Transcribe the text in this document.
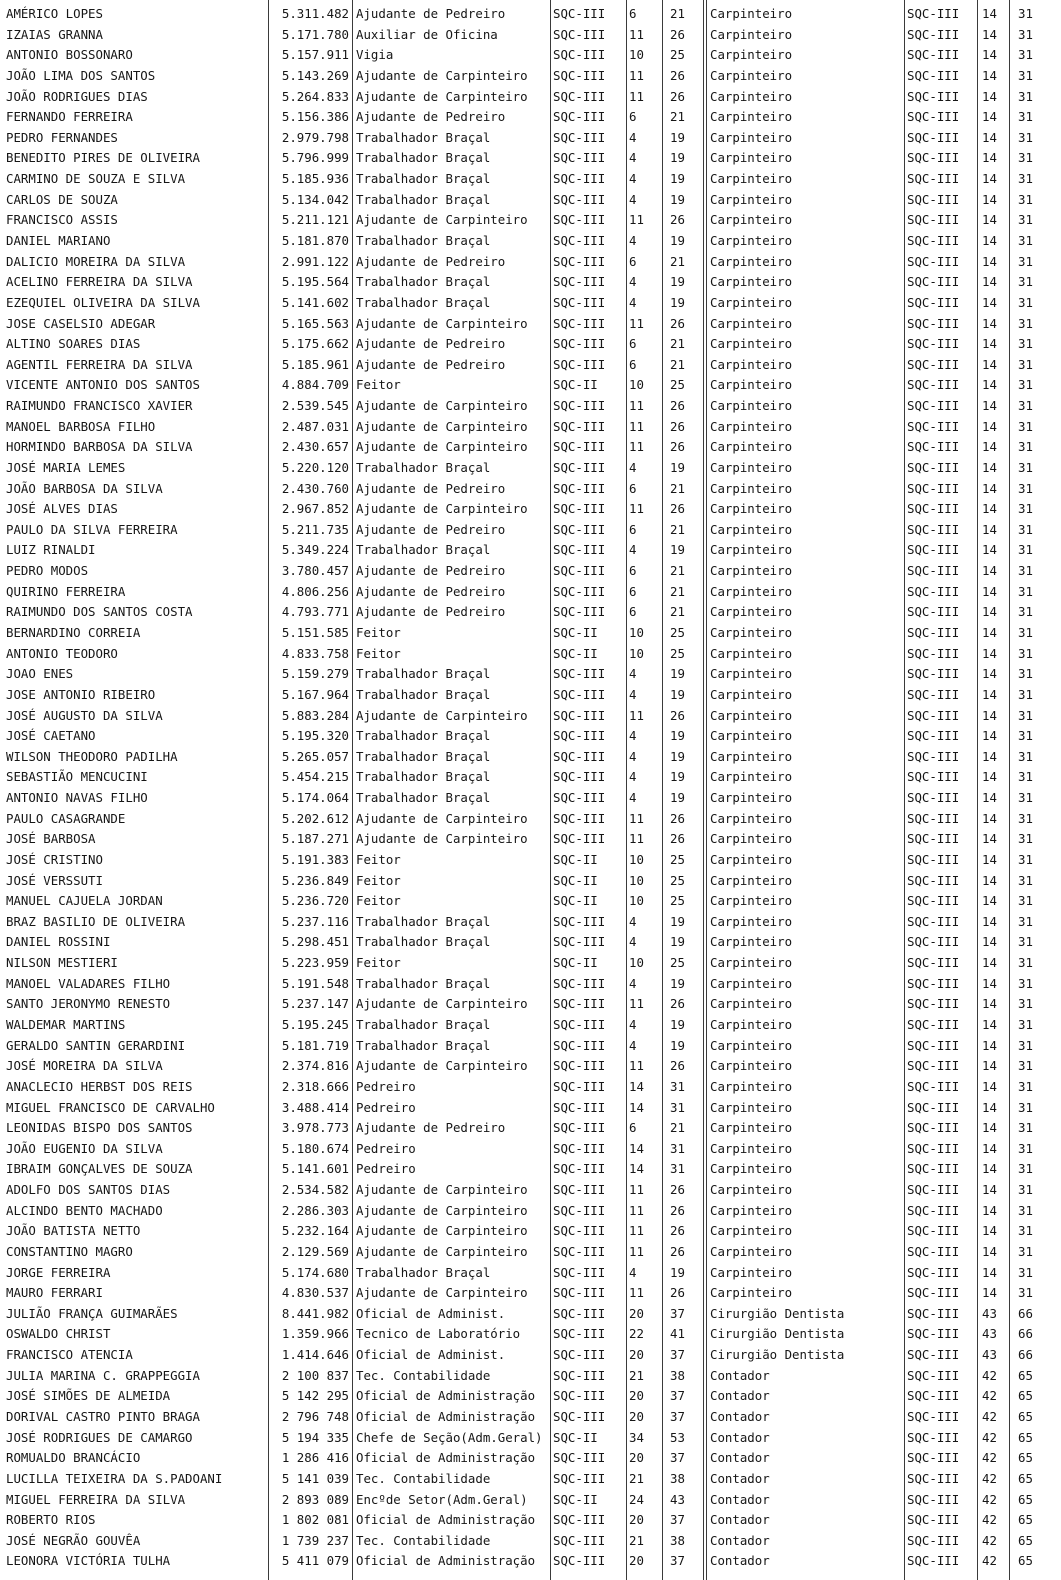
AMÉRICO LOPES	5.311.482 Ajudante de Pedreiro	SQC-III	6	21	Carpinteiro	SQC-III	14	31
IZAIAS GRANNA	5.171.780 Auxiliar de Oficina	SQC-III	11	26	Carpinteiro	SQC-III	14	31
ANTONIO BOSSONARO	5.157.911 Vigia	SQC-III	10	25	Carpinteiro	SQC-III	14	31
JOÃO LIMA DOS SANTOS	5.143.269 Ajudante de Carpinteiro	SQC-III	11	26	Carpinteiro	SQC-III	14	31
JOÃO RODRIGUES DIAS	5.264.833 Ajudante de Carpinteiro	SQC-III	11	26	Carpinteiro	SQC-III	14	31
FERNANDO FERREIRA	5.156.386 Ajudante de Pedreiro	SQC-III	6	21	Carpinteiro	SQC-III	14	31
PEDRO FERNANDES	2.979.798 Trabalhador Braçal	SQC-III	4	19	Carpinteiro	SQC-III	14	31
BENEDITO PIRES DE OLIVEIRA	5.796.999 Trabalhador Braçal	SQC-III	4	19	Carpinteiro	SQC-III	14	31
CARMINO DE SOUZA E SILVA	5.185.936 Trabalhador Braçal	SQC-III	4	19	Carpinteiro	SQC-III	14	31
CARLOS DE SOUZA	5.134.042 Trabalhador Braçal	SQC-III	4	19	Carpinteiro	SQC-III	14	31
FRANCISCO ASSIS	5.211.121 Ajudante de Carpinteiro	SQC-III	11	26	Carpinteiro	SQC-III	14	31
DANIEL MARIANO	5.181.870 Trabalhador Braçal	SQC-III	4	19	Carpinteiro	SQC-III	14	31
DALICIO MOREIRA DA SILVA	2.991.122 Ajudante de Pedreiro	SQC-III	6	21	Carpinteiro	SQC-III	14	31
ACELINO FERREIRA DA SILVA	5.195.564 Trabalhador Braçal	SQC-III	4	19	Carpinteiro	SQC-III	14	31
EZEQUIEL OLIVEIRA DA SILVA	5.141.602 Trabalhador Braçal	SQC-III	4	19	Carpinteiro	SQC-III	14	31
JOSE CASELSIO ADEGAR	5.165.563 Ajudante de Carpinteiro	SQC-III	11	26	Carpinteiro	SQC-III	14	31
ALTINO SOARES DIAS	5.175.662 Ajudante de Pedreiro	SQC-III	6	21	Carpinteiro	SQC-III	14	31
AGENTIL FERREIRA DA SILVA	5.185.961 Ajudante de Pedreiro	SQC-III	6	21	Carpinteiro	SQC-III	14	31
VICENTE ANTONIO DOS SANTOS	4.884.709 Feitor	SQC-II	10	25	Carpinteiro	SQC-III	14	31
RAIMUNDO FRANCISCO XAVIER	2.539.545 Ajudante de Carpinteiro	SQC-III	11	26	Carpinteiro	SQC-III	14	31
MANOEL BARBOSA FILHO	2.487.031 Ajudante de Carpinteiro	SQC-III	11	26	Carpinteiro	SQC-III	14	31
HORMINDO BARBOSA DA SILVA	2.430.657 Ajudante de Carpinteiro	SQC-III	11	26	Carpinteiro	SQC-III	14	31
JOSÉ MARIA LEMES	5.220.120 Trabalhador Braçal	SQC-III	4	19	Carpinteiro	SQC-III	14	31
JOÃO BARBOSA DA SILVA	2.430.760 Ajudante de Pedreiro	SQC-III	6	21	Carpinteiro	SQC-III	14	31
JOSÉ ALVES DIAS	2.967.852 Ajudante de Carpinteiro	SQC-III	11	26	Carpinteiro	SQC-III	14	31
PAULO DA SILVA FERREIRA	5.211.735 Ajudante de Pedreiro	SQC-III	6	21	Carpinteiro	SQC-III	14	31
LUIZ RINALDI	5.349.224 Trabalhador Braçal	SQC-III	4	19	Carpinteiro	SQC-III	14	31
PEDRO MODOS	3.780.457 Ajudante de Pedreiro	SQC-III	6	21	Carpinteiro	SQC-III	14	31
QUIRINO FERREIRA	4.806.256 Ajudante de Pedreiro	SQC-III	6	21	Carpinteiro	SQC-III	14	31
RAIMUNDO DOS SANTOS COSTA	4.793.771 Ajudante de Pedreiro	SQC-III	6	21	Carpinteiro	SQC-III	14	31
BERNARDINO CORREIA	5.151.585 Feitor	SQC-II	10	25	Carpinteiro	SQC-III	14	31
ANTONIO TEODORO	4.833.758 Feitor	SQC-II	10	25	Carpinteiro	SQC-III	14	31
JOAO ENES	5.159.279 Trabalhador Braçal	SQC-III	4	19	Carpinteiro	SQC-III	14	31
JOSE ANTONIO RIBEIRO	5.167.964 Trabalhador Braçal	SQC-III	4	19	Carpinteiro	SQC-III	14	31
JOSÉ AUGUSTO DA SILVA	5.883.284 Ajudante de Carpinteiro	SQC-III	11	26	Carpinteiro	SQC-III	14	31
JOSÉ CAETANO	5.195.320 Trabalhador Braçal	SQC-III	4	19	Carpinteiro	SQC-III	14	31
WILSON THEODORO PADILHA	5.265.057 Trabalhador Braçal	SQC-III	4	19	Carpinteiro	SQC-III	14	31
SEBASTIÃO MENCUCINI	5.454.215 Trabalhador Braçal	SQC-III	4	19	Carpinteiro	SQC-III	14	31
ANTONIO NAVAS FILHO	5.174.064 Trabalhador Braçal	SQC-III	4	19	Carpinteiro	SQC-III	14	31
PAULO CASAGRANDE	5.202.612 Ajudante de Carpinteiro	SQC-III	11	26	Carpinteiro	SQC-III	14	31
JOSÉ BARBOSA	5.187.271 Ajudante de Carpinteiro	SQC-III	11	26	Carpinteiro	SQC-III	14	31
JOSÉ CRISTINO	5.191.383 Feitor	SQC-II	10	25	Carpinteiro	SQC-III	14	31
JOSÉ VERSSUTI	5.236.849 Feitor	SQC-II	10	25	Carpinteiro	SQC-III	14	31
MANUEL CAJUELA JORDAN	5.236.720 Feitor	SQC-II	10	25	Carpinteiro	SQC-III	14	31
BRAZ BASILIO DE OLIVEIRA	5.237.116 Trabalhador Braçal	SQC-III	4	19	Carpinteiro	SQC-III	14	31
DANIEL ROSSINI	5.298.451 Trabalhador Braçal	SQC-III	4	19	Carpinteiro	SQC-III	14	31
NILSON MESTIERI	5.223.959 Feitor	SQC-II	10	25	Carpinteiro	SQC-III	14	31
MANOEL VALADARES FILHO	5.191.548 Trabalhador Braçal	SQC-III	4	19	Carpinteiro	SQC-III	14	31
SANTO JERONYMO RENESTO	5.237.147 Ajudante de Carpinteiro	SQC-III	11	26	Carpinteiro	SQC-III	14	31
WALDEMAR MARTINS	5.195.245 Trabalhador Braçal	SQC-III	4	19	Carpinteiro	SQC-III	14	31
GERALDO SANTIN GERARDINI	5.181.719 Trabalhador Braçal	SQC-III	4	19	Carpinteiro	SQC-III	14	31
JOSÉ MOREIRA DA SILVA	2.374.816 Ajudante de Carpinteiro	SQC-III	11	26	Carpinteiro	SQC-III	14	31
ANACLECIO HERBST DOS REIS	2.318.666 Pedreiro	SQC-III	14	31	Carpinteiro	SQC-III	14	31
MIGUEL FRANCISCO DE CARVALHO	3.488.414 Pedreiro	SQC-III	14	31	Carpinteiro	SQC-III	14	31
LEONIDAS BISPO DOS SANTOS	3.978.773 Ajudante de Pedreiro	SQC-III	6	21	Carpinteiro	SQC-III	14	31
JOÃO EUGENIO DA SILVA	5.180.674 Pedreiro	SQC-III	14	31	Carpinteiro	SQC-III	14	31
IBRAIM GONÇALVES DE SOUZA	5.141.601 Pedreiro	SQC-III	14	31	Carpinteiro	SQC-III	14	31
ADOLFO DOS SANTOS DIAS	2.534.582 Ajudante de Carpinteiro	SQC-III	11	26	Carpinteiro	SQC-III	14	31
ALCINDO BENTO MACHADO	2.286.303 Ajudante de Carpinteiro	SQC-III	11	26	Carpinteiro	SQC-III	14	31
JOÃO BATISTA NETTO	5.232.164 Ajudante de Carpinteiro	SQC-III	11	26	Carpinteiro	SQC-III	14	31
CONSTANTINO MAGRO	2.129.569 Ajudante de Carpinteiro	SQC-III	11	26	Carpinteiro	SQC-III	14	31
JORGE FERREIRA	5.174.680 Trabalhador Braçal	SQC-III	4	19	Carpinteiro	SQC-III	14	31
MAURO FERRARI	4.830.537 Ajudante de Carpinteiro	SQC-III	11	26	Carpinteiro	SQC-III	14	31
JULIÃO FRANÇA GUIMARÃES	8.441.982 Oficial de Administ.	SQC-III	20	37	Cirurgião Dentista	SQC-III	43	66
OSWALDO CHRIST	1.359.966 Tecnico de Laboratório	SQC-III	22	41	Cirurgião Dentista	SQC-III	43	66
FRANCISCO ATENCIA	1.414.646 Oficial de Administ.	SQC-III	20	37	Cirurgião Dentista	SQC-III	43	66
JULIA MARINA C. GRAPPEGGIA	2 100 837 Tec. Contabilidade	SQC-III	21	38	Contador	SQC-III	42	65
JOSÉ SIMÕES DE ALMEIDA	5 142 295 Oficial de Administração	SQC-III	20	37	Contador	SQC-III	42	65
DORIVAL CASTRO PINTO BRAGA	2 796 748 Oficial de Administração	SQC-III	20	37	Contador	SQC-III	42	65
JOSÉ RODRIGUES DE CAMARGO	5 194 335 Chefe de Seção(Adm.Geral) SQC-II	34	53	Contador	SQC-III	42	65
ROMUALDO BRANCÁCIO	1 286 416 Oficial de Administração	SQC-III	20	37	Contador	SQC-III	42	65
LUCILLA TEIXEIRA DA S.PADOANI	5 141 039 Tec. Contabilidade	SQC-III	21	38	Contador	SQC-III	42	65
MIGUEL FERREIRA DA SILVA	2 893 089 Encºde Setor(Adm.Geral)	SQC-II	24	43	Contador	SQC-III	42	65
ROBERTO RIOS	1 802 081 Oficial de Administração	SQC-III	20	37	Contador	SQC-III	42	65
JOSÉ NEGRÃO GOUVÊA	1 739 237 Tec. Contabilidade	SQC-III	21	38	Contador	SQC-III	42	65
LEONORA VICTÓRIA TULHA	5 411 079 Oficial de Administração	SQC-III	20	37	Contador	SQC-III	42	65
